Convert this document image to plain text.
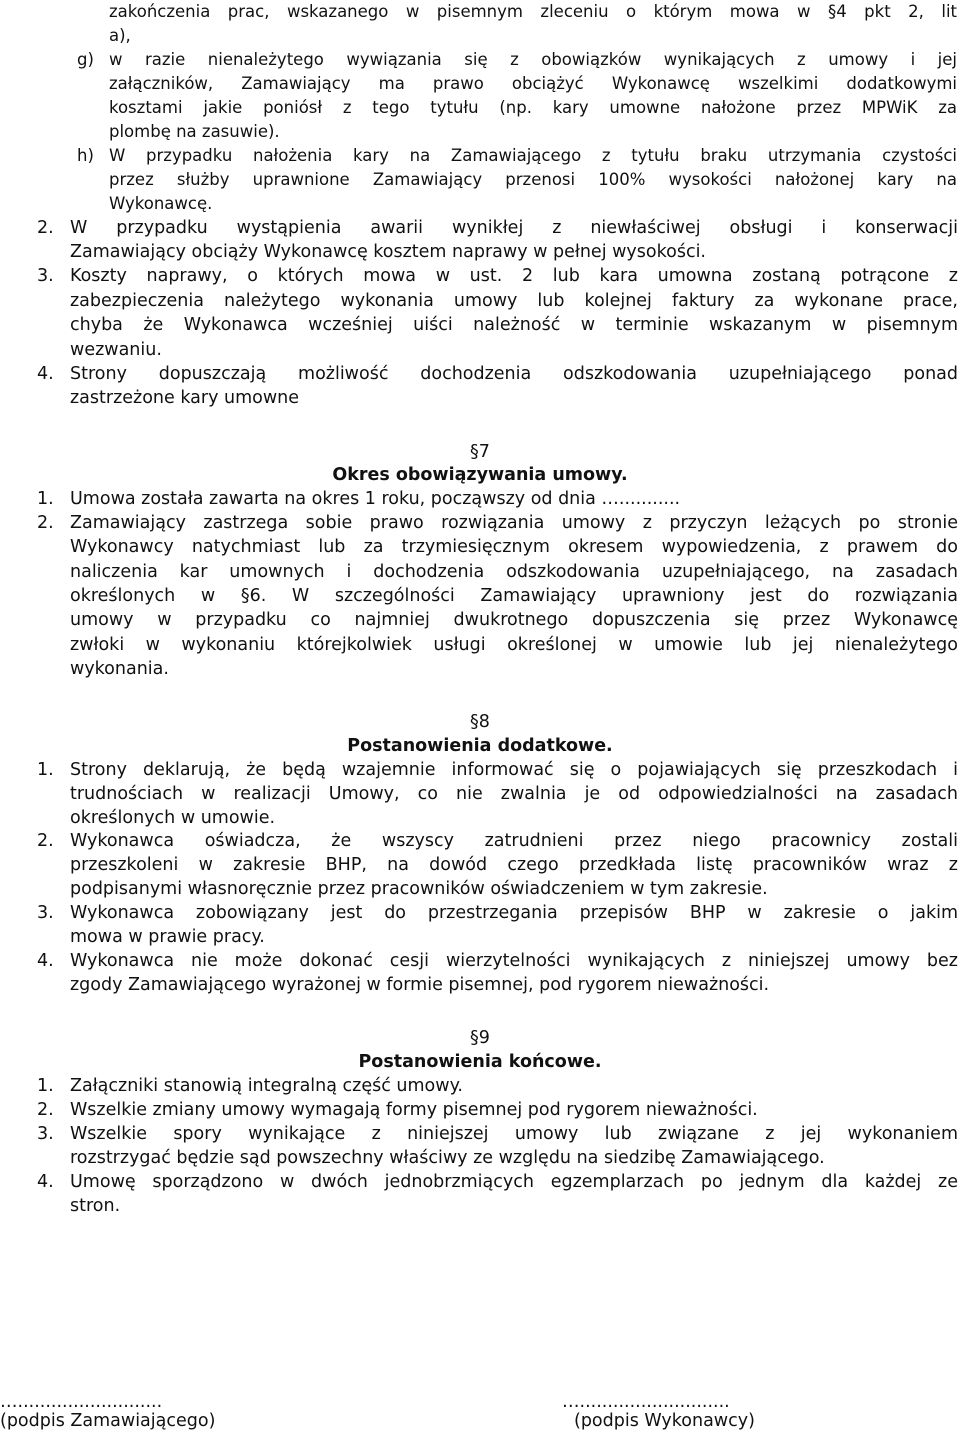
zakończenia prac, wskazanego w pisemnym zleceniu o którym mowa w §4 pkt 2, lit
a),
g) w razie nienależytego wywiązania się z obowiązków wynikających z umowy i jej
załączników, Zamawiający ma prawo obciążyć Wykonawcę wszelkimi dodatkowymi
kosztami jakie poniósł z tego tytułu (np. kary umowne nałożone przez MPWiK za
plombę na zasuwie).
h) W przypadku nałożenia kary na Zamawiającego z tytułu braku utrzymania czystości
przez służby uprawnione Zamawiający przenosi 100% wysokości nałożonej kary na
Wykonawcę.
2. W przypadku wystąpienia awarii wynikłej z niewłaściwej obsługi i konserwacji
Zamawiający obciąży Wykonawcę kosztem naprawy w pełnej wysokości.
3. Koszty naprawy, o których mowa w ust. 2 lub kara umowna zostaną potrącone z
zabezpieczenia należytego wykonania umowy lub kolejnej faktury za wykonane prace,
chyba że Wykonawca wcześniej uiści należność w terminie wskazanym w pisemnym
wezwaniu.
4. Strony dopuszczają możliwość dochodzenia odszkodowania uzupełniającego ponad
zastrzeżone kary umowne
§7
Okres obowiązywania umowy.
1. Umowa została zawarta na okres 1 roku, począwszy od dnia …...........
2. Zamawiający zastrzega sobie prawo rozwiązania umowy z przyczyn leżących po stronie
Wykonawcy natychmiast lub za trzymiesięcznym okresem wypowiedzenia, z prawem do
naliczenia kar umownych i dochodzenia odszkodowania uzupełniającego, na zasadach
określonych w §6. W szczególności Zamawiający uprawniony jest do rozwiązania
umowy w przypadku co najmniej dwukrotnego dopuszczenia się przez Wykonawcę
zwłoki w wykonaniu którejkolwiek usługi określonej w umowie lub jej nienależytego
wykonania.
§8
Postanowienia dodatkowe.
1. Strony deklarują, że będą wzajemnie informować się o pojawiających się przeszkodach i
trudnościach w realizacji Umowy, co nie zwalnia je od odpowiedzialności na zasadach
określonych w umowie.
2. Wykonawca oświadcza, że wszyscy zatrudnieni przez niego pracownicy zostali
przeszkoleni w zakresie BHP, na dowód czego przedkłada listę pracowników wraz z
podpisanymi własnoręcznie przez pracowników oświadczeniem w tym zakresie.
3. Wykonawca zobowiązany jest do przestrzegania przepisów BHP w zakresie o jakim
mowa w prawie pracy.
4. Wykonawca nie może dokonać cesji wierzytelności wynikających z niniejszej umowy bez
zgody Zamawiającego wyrażonej w formie pisemnej, pod rygorem nieważności.
§9
Postanowienia końcowe.
1. Załączniki stanowią integralną część umowy.
2. Wszelkie zmiany umowy wymagają formy pisemnej pod rygorem nieważności.
3. Wszelkie spory wynikające z niniejszej umowy lub związane z jej wykonaniem
rozstrzygać będzie sąd powszechny właściwy ze względu na siedzibę Zamawiającego.
4. Umowę sporządzono w dwóch jednobrzmiących egzemplarzach po jednym dla każdej ze
stron.
…..........................
(podpis Zamawiającego)
…...........................
(podpis Wykonawcy)
